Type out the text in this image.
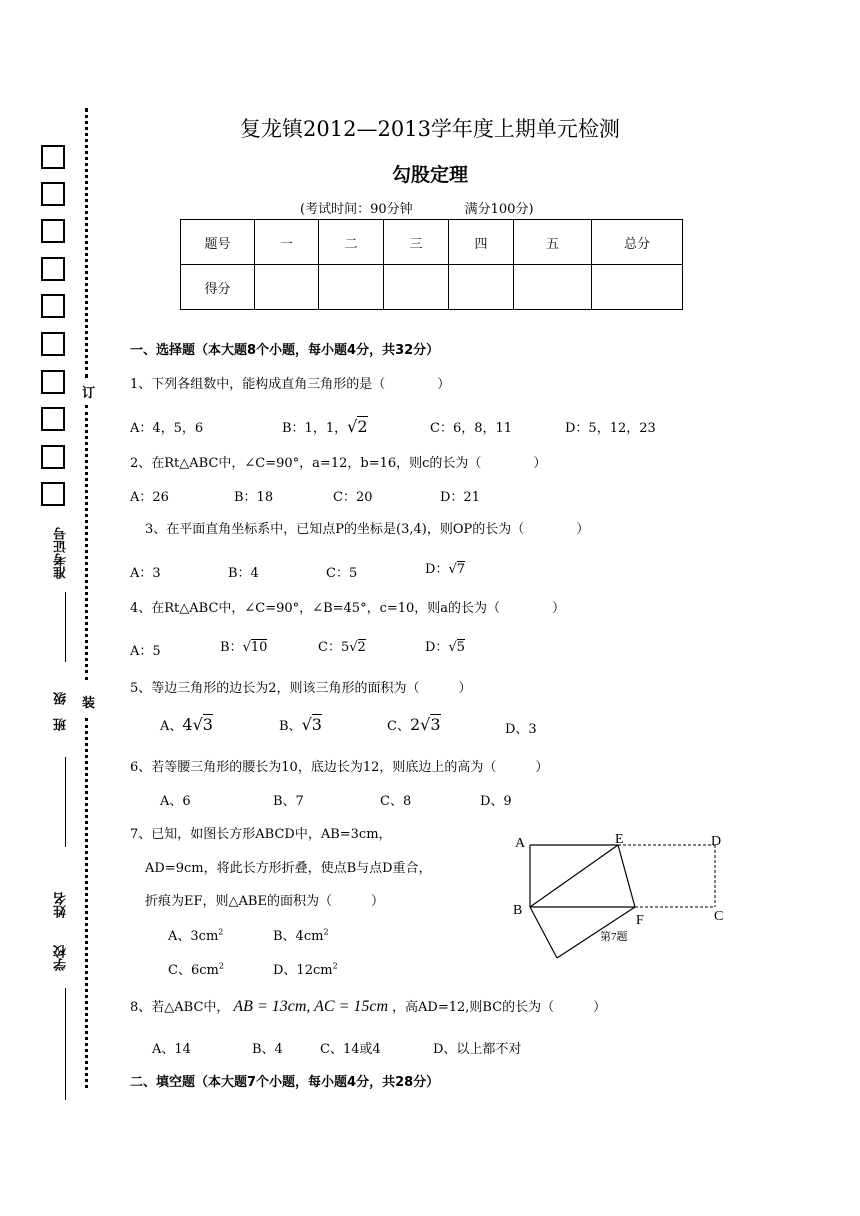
准考证号
班　级
姓名
学校
订
装
复龙镇2012—2013学年度上期单元检测
勾股定理
(考试时间：90分钟	满分100分)
题号	一	二	三	四	五	总分
得分						
一、选择题（本大题8个小题，每小题4分，共32分）
1、下列各组数中，能构成直角三角形的是（　　　　）
A：4，5，6	B：1，1，√2	C：6，8，11	D：5，12，23
2、在Rt△ABC中，∠C=90°，a=12，b=16，则c的长为（　　　　）
A：26	B：18	C：20	D：21
3、在平面直角坐标系中，已知点P的坐标是(3,4)，则OP的长为（　　　　）
A：3	B：4	C：5	D：√7
4、在Rt△ABC中，∠C=90°，∠B=45°，c=10，则a的长为（　　　　）
A：5	B：√10	C：5√2	D：√5
5、等边三角形的边长为2，则该三角形的面积为（　　　）
A、4√3	B、√3	C、2√3	D、3
6、若等腰三角形的腰长为10，底边长为12，则底边上的高为（　　　）
A、6	B、7	C、8	D、9
7、已知，如图长方形ABCD中，AB=3cm，
AD=9cm，将此长方形折叠，使点B与点D重合，
折痕为EF，则△ABE的面积为（　　　）
A、$3cm^2$	B、$4cm^2$
C、$6cm^2$	D、$12cm^2$
A
B
E	D
F	C
第7题
8、若△ABC中， AB = 13cm, AC = 15cm ，高AD=12,则BC的长为（　　　）
A、14	B、4	C、14或4	D、以上都不对
二、填空题（本大题7个小题，每小题4分，共28分）
